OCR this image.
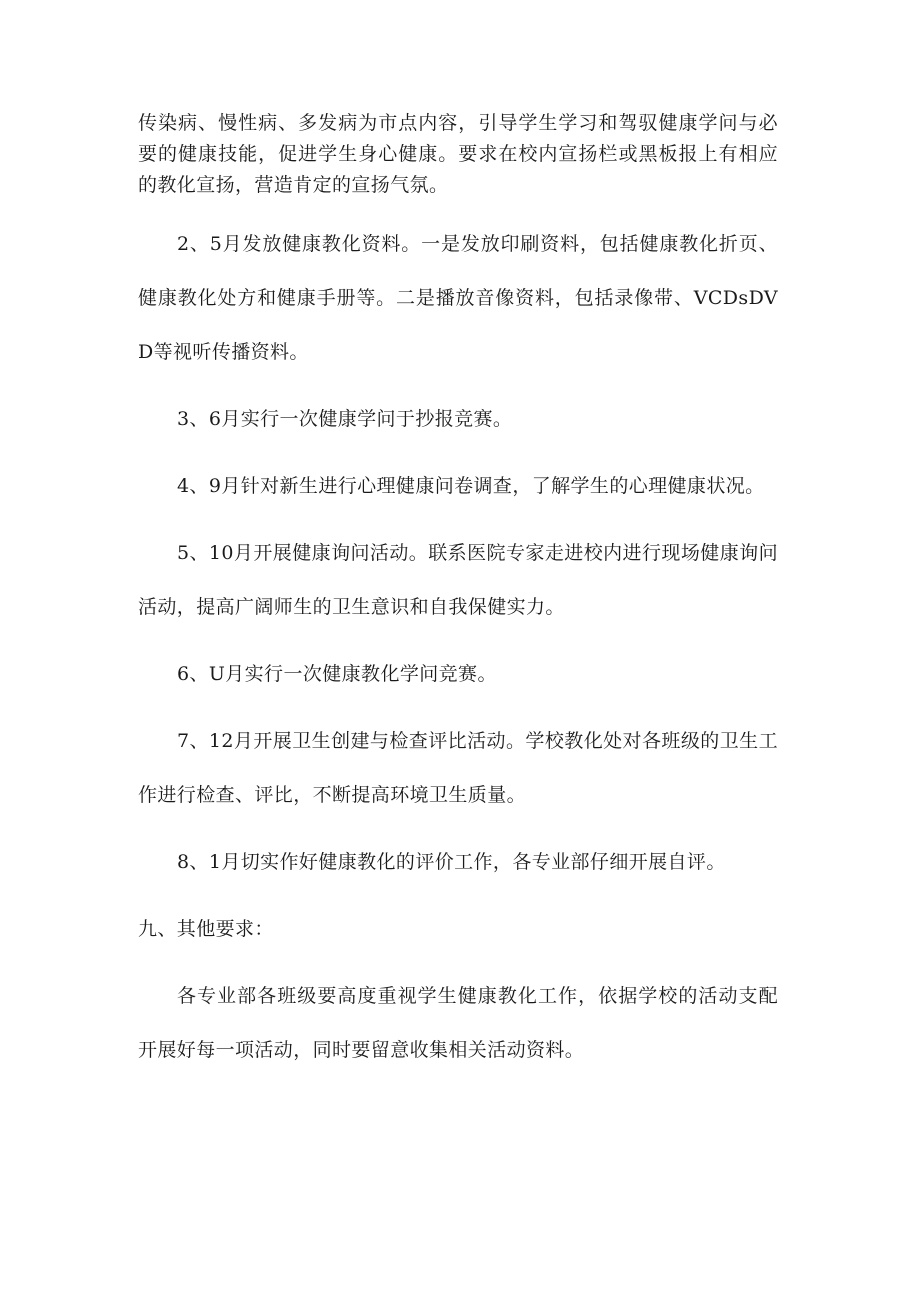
传染病、慢性病、多发病为市点内容，引导学生学习和驾驭健康学问与必要的健康技能，促进学生身心健康。要求在校内宣扬栏或黑板报上有相应的教化宣扬，营造肯定的宣扬气氛。

2、5月发放健康教化资料。一是发放印刷资料，包括健康教化折页、健康教化处方和健康手册等。二是播放音像资料，包括录像带、VCDsDVD等视听传播资料。

3、6月实行一次健康学问于抄报竞赛。

4、9月针对新生进行心理健康问卷调查，了解学生的心理健康状况。

5、10月开展健康询问活动。联系医院专家走进校内进行现场健康询问活动，提高广阔师生的卫生意识和自我保健实力。

6、U月实行一次健康教化学问竞赛。

7、12月开展卫生创建与检查评比活动。学校教化处对各班级的卫生工作进行检查、评比，不断提高环境卫生质量。

8、1月切实作好健康教化的评价工作，各专业部仔细开展自评。

九、其他要求：

各专业部各班级要高度重视学生健康教化工作，依据学校的活动支配开展好每一项活动，同时要留意收集相关活动资料。
